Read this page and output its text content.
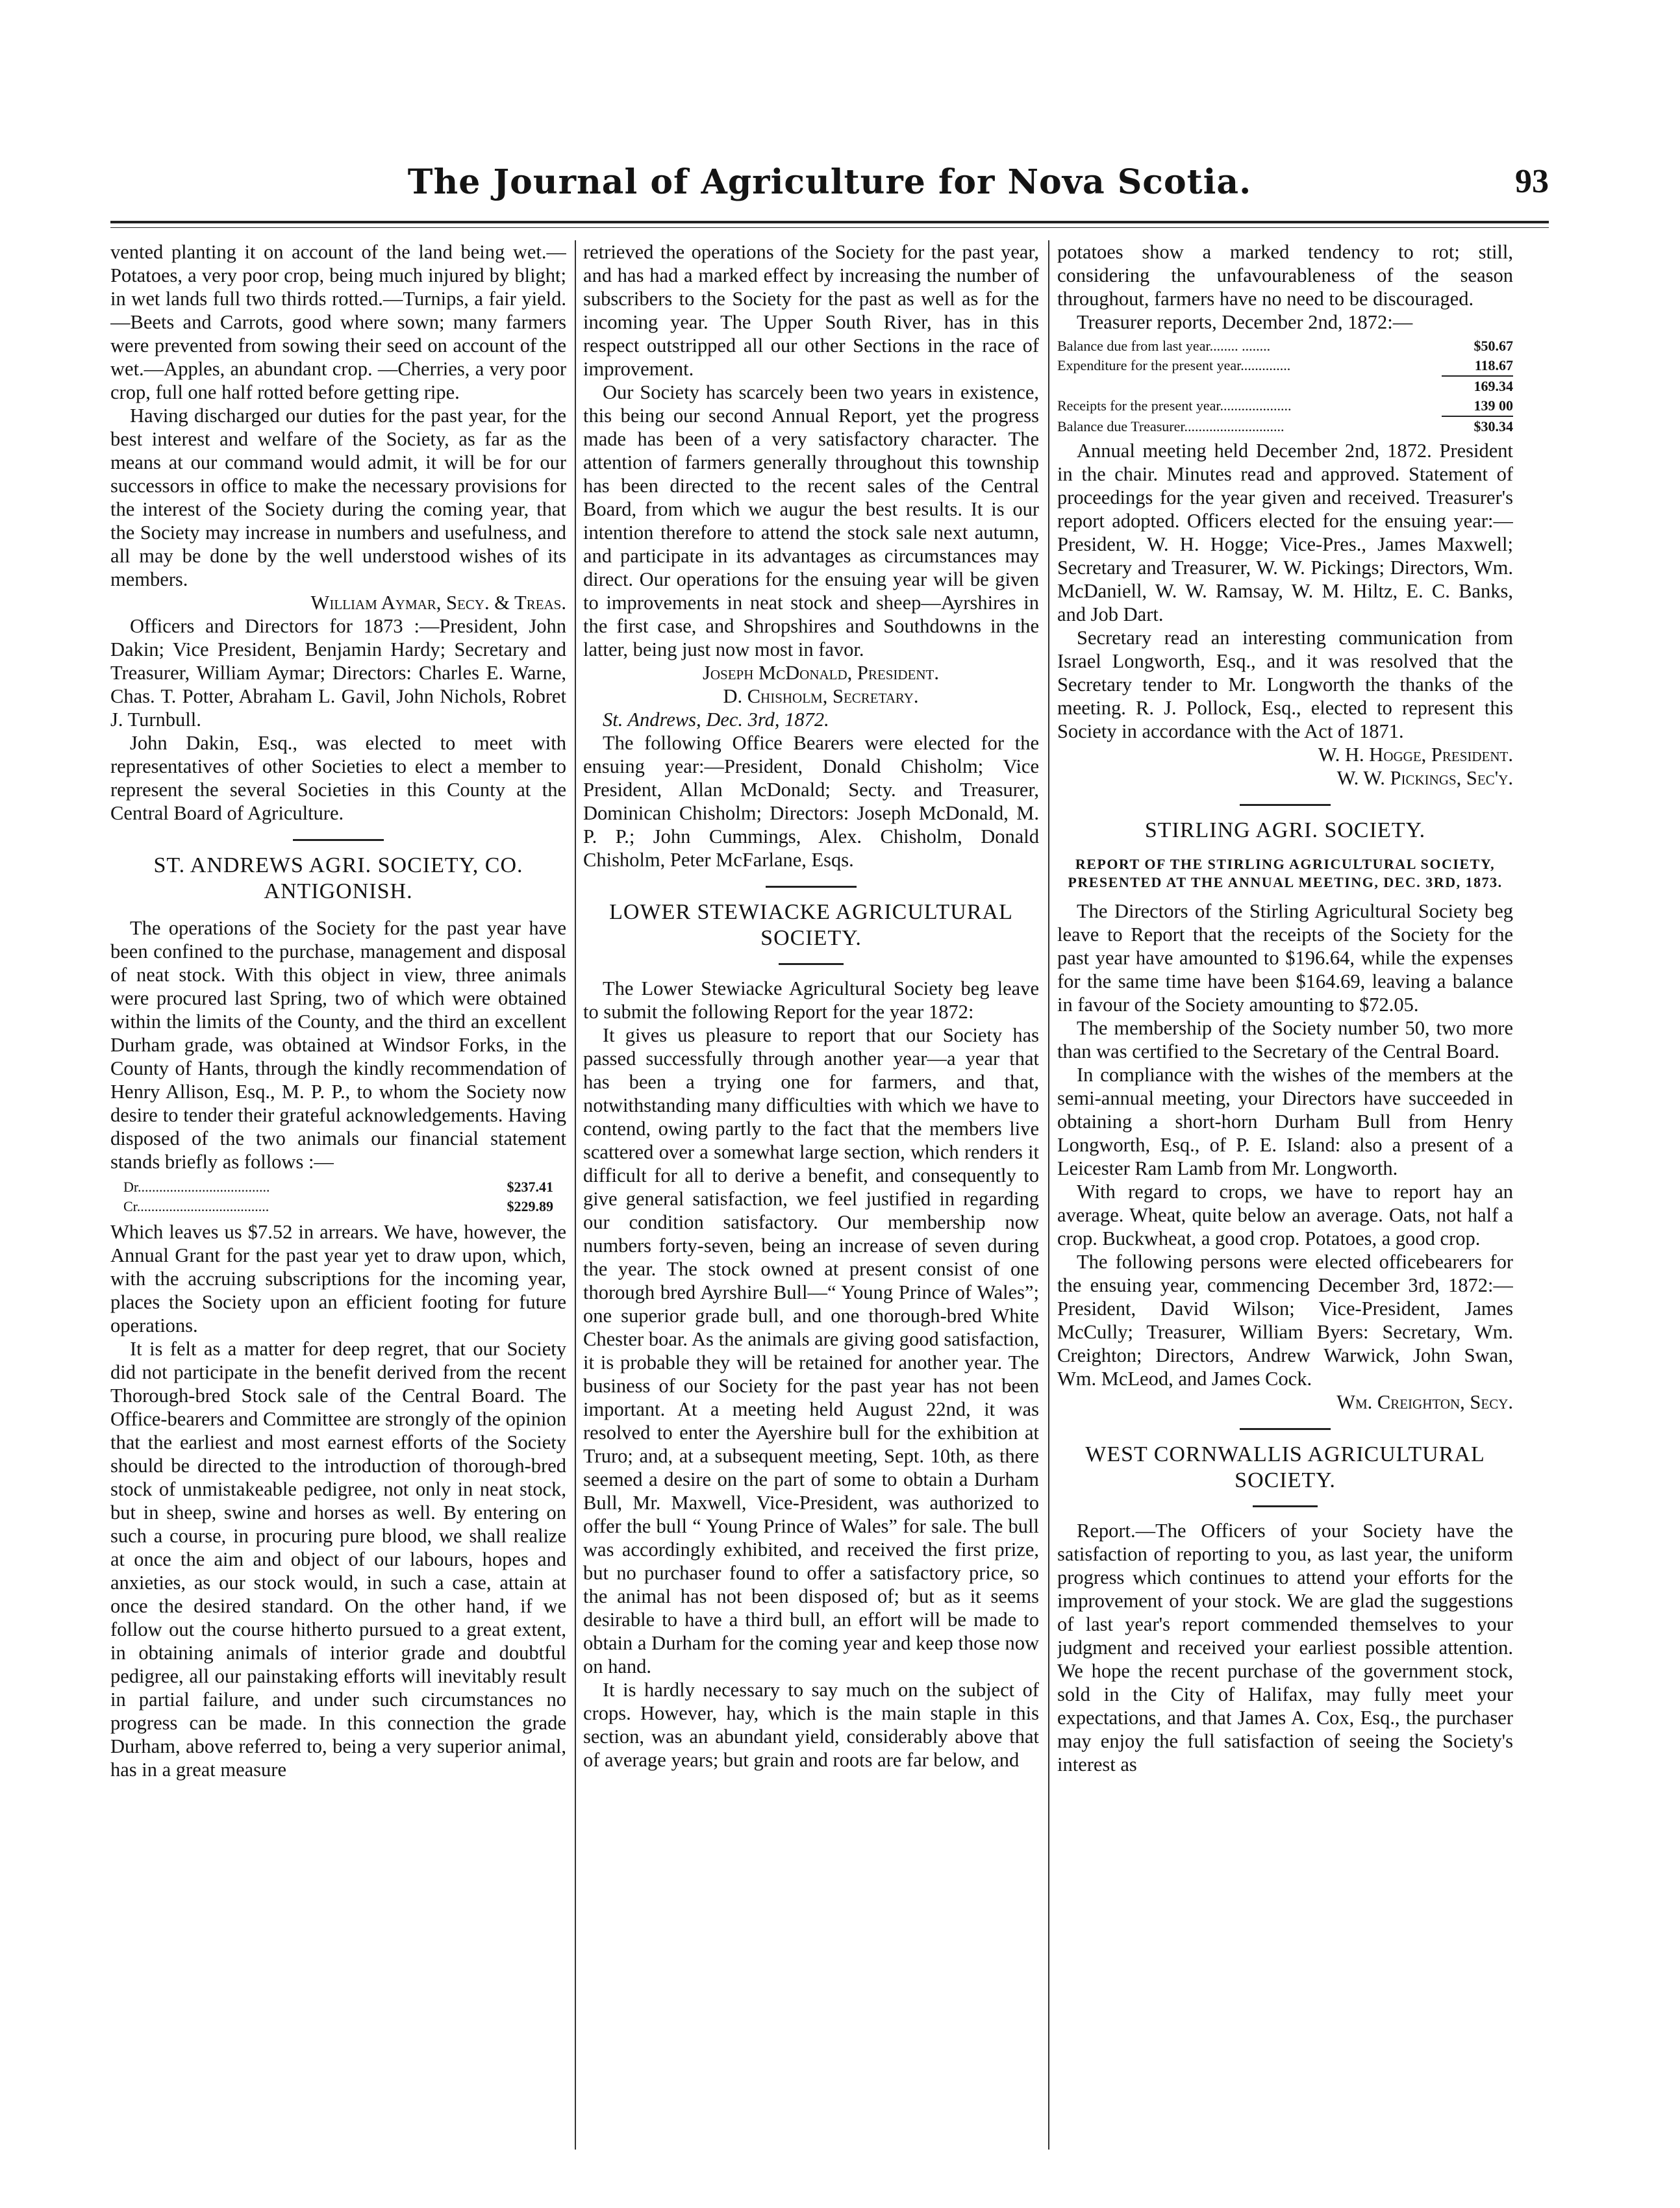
The Journal of Agriculture for Nova Scotia.	93

vented planting it on account of the land being wet.—Potatoes, a very poor crop, being much injured by blight; in wet lands full two thirds rotted.—Turnips, a fair yield. —Beets and Carrots, good where sown; many farmers were prevented from sowing their seed on account of the wet.—Apples, an abundant crop. —Cherries, a very poor crop, full one half rotted before getting ripe.

Having discharged our duties for the past year, for the best interest and welfare of the Society, as far as the means at our command would admit, it will be for our successors in office to make the necessary provisions for the interest of the Society during the coming year, that the Society may increase in numbers and usefulness, and all may be done by the well understood wishes of its members.

William Aymar, Secy. & Treas.

Officers and Directors for 1873 :—President, John Dakin; Vice President, Benjamin Hardy; Secretary and Treasurer, William Aymar; Directors: Charles E. Warne, Chas. T. Potter, Abraham L. Gavil, John Nichols, Robret J. Turnbull.

John Dakin, Esq., was elected to meet with representatives of other Societies to elect a member to represent the several Societies in this County at the Central Board of Agriculture.

ST. ANDREWS AGRI. SOCIETY, CO. ANTIGONISH.

The operations of the Society for the past year have been confined to the purchase, management and disposal of neat stock. With this object in view, three animals were procured last Spring, two of which were obtained within the limits of the County, and the third an excellent Durham grade, was obtained at Windsor Forks, in the County of Hants, through the kindly recommendation of Henry Allison, Esq., M. P. P., to whom the Society now desire to tender their grateful acknowledgements. Having disposed of the two animals our financial statement stands briefly as follows :—

Dr.....................................	$237.41
Cr.....................................	$229.89

Which leaves us $7.52 in arrears. We have, however, the Annual Grant for the past year yet to draw upon, which, with the accruing subscriptions for the incoming year, places the Society upon an efficient footing for future operations.

It is felt as a matter for deep regret, that our Society did not participate in the benefit derived from the recent Thorough-bred Stock sale of the Central Board. The Office-bearers and Committee are strongly of the opinion that the earliest and most earnest efforts of the Society should be directed to the introduction of thorough-bred stock of unmistakeable pedigree, not only in neat stock, but in sheep, swine and horses as well. By entering on such a course, in procuring pure blood, we shall realize at once the aim and object of our labours, hopes and anxieties, as our stock would, in such a case, attain at once the desired standard. On the other hand, if we follow out the course hitherto pursued to a great extent, in obtaining animals of interior grade and doubtful pedigree, all our painstaking efforts will inevitably result in partial failure, and under such circumstances no progress can be made. In this connection the grade Durham, above referred to, being a very superior animal, has in a great measure

retrieved the operations of the Society for the past year, and has had a marked effect by increasing the number of subscribers to the Society for the past as well as for the incoming year. The Upper South River, has in this respect outstripped all our other Sections in the race of improvement.

Our Society has scarcely been two years in existence, this being our second Annual Report, yet the progress made has been of a very satisfactory character. The attention of farmers generally throughout this township has been directed to the recent sales of the Central Board, from which we augur the best results. It is our intention therefore to attend the stock sale next autumn, and participate in its advantages as circumstances may direct. Our operations for the ensuing year will be given to improvements in neat stock and sheep—Ayrshires in the first case, and Shropshires and Southdowns in the latter, being just now most in favor.

Joseph McDonald, President.

D. Chisholm, Secretary.

St. Andrews, Dec. 3rd, 1872.

The following Office Bearers were elected for the ensuing year:—President, Donald Chisholm; Vice President, Allan McDonald; Secty. and Treasurer, Dominican Chisholm; Directors: Joseph McDonald, M. P. P.; John Cummings, Alex. Chisholm, Donald Chisholm, Peter McFarlane, Esqs.

LOWER STEWIACKE AGRICULTURAL SOCIETY.

The Lower Stewiacke Agricultural Society beg leave to submit the following Report for the year 1872:

It gives us pleasure to report that our Society has passed successfully through another year—a year that has been a trying one for farmers, and that, notwithstanding many difficulties with which we have to contend, owing partly to the fact that the members live scattered over a somewhat large section, which renders it difficult for all to derive a benefit, and consequently to give general satisfaction, we feel justified in regarding our condition satisfactory. Our membership now numbers forty-seven, being an increase of seven during the year. The stock owned at present consist of one thorough bred Ayrshire Bull—“ Young Prince of Wales”; one superior grade bull, and one thorough-bred White Chester boar. As the animals are giving good satisfaction, it is probable they will be retained for another year. The business of our Society for the past year has not been important. At a meeting held August 22nd, it was resolved to enter the Ayershire bull for the exhibition at Truro; and, at a subsequent meeting, Sept. 10th, as there seemed a desire on the part of some to obtain a Durham Bull, Mr. Maxwell, Vice-President, was authorized to offer the bull “ Young Prince of Wales” for sale. The bull was accordingly exhibited, and received the first prize, but no purchaser found to offer a satisfactory price, so the animal has not been disposed of; but as it seems desirable to have a third bull, an effort will be made to obtain a Durham for the coming year and keep those now on hand.

It is hardly necessary to say much on the subject of crops. However, hay, which is the main staple in this section, was an abundant yield, considerably above that of average years; but grain and roots are far below, and

potatoes show a marked tendency to rot; still, considering the unfavourableness of the season throughout, farmers have no need to be discouraged.

Treasurer reports, December 2nd, 1872:—

Balance due from last year........ ........	$50.67
Expenditure for the present year..............	118.67
169.34
Receipts for the present year....................	139 00
Balance due Treasurer............................	$30.34

Annual meeting held December 2nd, 1872. President in the chair. Minutes read and approved. Statement of proceedings for the year given and received. Treasurer's report adopted. Officers elected for the ensuing year:—President, W. H. Hogge; Vice-Pres., James Maxwell; Secretary and Treasurer, W. W. Pickings; Directors, Wm. McDaniell, W. W. Ramsay, W. M. Hiltz, E. C. Banks, and Job Dart.

Secretary read an interesting communication from Israel Longworth, Esq., and it was resolved that the Secretary tender to Mr. Longworth the thanks of the meeting. R. J. Pollock, Esq., elected to represent this Society in accordance with the Act of 1871.

W. H. Hogge, President.

W. W. Pickings, Sec'y.

STIRLING AGRI. SOCIETY.
REPORT OF THE STIRLING AGRICULTURAL SOCIETY, PRESENTED AT THE ANNUAL MEETING, DEC. 3RD, 1873.

The Directors of the Stirling Agricultural Society beg leave to Report that the receipts of the Society for the past year have amounted to $196.64, while the expenses for the same time have been $164.69, leaving a balance in favour of the Society amounting to $72.05.

The membership of the Society number 50, two more than was certified to the Secretary of the Central Board.

In compliance with the wishes of the members at the semi-annual meeting, your Directors have succeeded in obtaining a short-horn Durham Bull from Henry Longworth, Esq., of P. E. Island: also a present of a Leicester Ram Lamb from Mr. Longworth.

With regard to crops, we have to report hay an average. Wheat, quite below an average. Oats, not half a crop. Buckwheat, a good crop. Potatoes, a good crop.

The following persons were elected officebearers for the ensuing year, commencing December 3rd, 1872:—President, David Wilson; Vice-President, James McCully; Treasurer, William Byers: Secretary, Wm. Creighton; Directors, Andrew Warwick, John Swan, Wm. McLeod, and James Cock.

Wm. Creighton, Secy.

WEST CORNWALLIS AGRICULTURAL SOCIETY.

Report.—The Officers of your Society have the satisfaction of reporting to you, as last year, the uniform progress which continues to attend your efforts for the improvement of your stock. We are glad the suggestions of last year's report commended themselves to your judgment and received your earliest possible attention. We hope the recent purchase of the government stock, sold in the City of Halifax, may fully meet your expectations, and that James A. Cox, Esq., the purchaser may enjoy the full satisfaction of seeing the Society's interest as
